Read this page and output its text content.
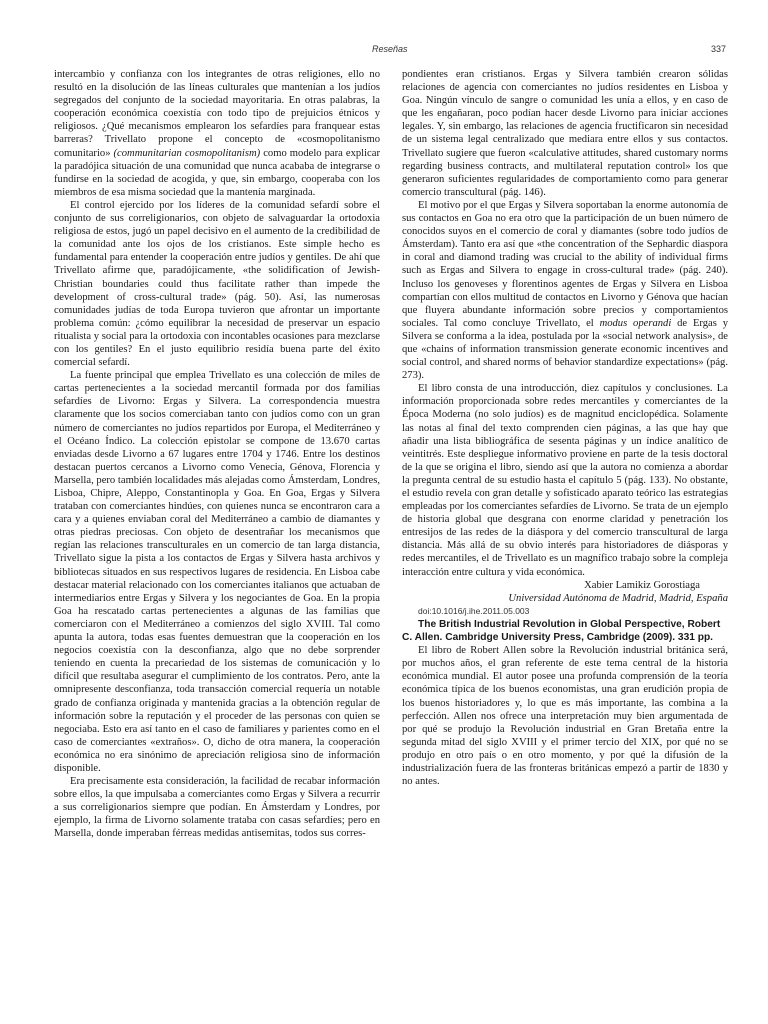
Reseñas	337

intercambio y confianza con los integrantes de otras religiones, ello no resultó en la disolución de las líneas culturales que mantenían a los judíos segregados del conjunto de la sociedad mayoritaria. En otras palabras, la cooperación económica coexistía con todo tipo de prejuicios étnicos y religiosos. ¿Qué mecanismos emplearon los sefardíes para franquear estas barreras? Trivellato propone el concepto de «cosmopolitanismo comunitario» (communitarian cosmopolitanism) como modelo para explicar la paradójica situación de una comunidad que nunca acababa de integrarse o fundirse en la sociedad de acogida, y que, sin embargo, cooperaba con los miembros de esa misma sociedad que la mantenía marginada.

El control ejercido por los líderes de la comunidad sefardí sobre el conjunto de sus correligionarios, con objeto de salvaguardar la ortodoxia religiosa de estos, jugó un papel decisivo en el aumento de la credibilidad de la comunidad ante los ojos de los cristianos. Este simple hecho es fundamental para entender la cooperación entre judíos y gentiles. De ahí que Trivellato afirme que, paradójicamente, «the solidification of Jewish-Christian boundaries could thus facilitate rather than impede the development of cross-cultural trade» (pág. 50). Así, las numerosas comunidades judías de toda Europa tuvieron que afrontar un importante problema común: ¿cómo equilibrar la necesidad de preservar un espacio ritualista y social para la ortodoxia con incontables ocasiones para mezclarse con los gentiles? En el justo equilibrio residía buena parte del éxito comercial sefardí.

La fuente principal que emplea Trivellato es una colección de miles de cartas pertenecientes a la sociedad mercantil formada por dos familias sefardíes de Livorno: Ergas y Silvera. La correspondencia muestra claramente que los socios comerciaban tanto con judíos como con un gran número de comerciantes no judíos repartidos por Europa, el Mediterráneo y el Océano Índico. La colección epistolar se compone de 13.670 cartas enviadas desde Livorno a 67 lugares entre 1704 y 1746. Entre los destinos destacan puertos cercanos a Livorno como Venecia, Génova, Florencia y Marsella, pero también localidades más alejadas como Ámsterdam, Londres, Lisboa, Chipre, Aleppo, Constantinopla y Goa. En Goa, Ergas y Silvera trataban con comerciantes hindúes, con quienes nunca se encontraron cara a cara y a quienes enviaban coral del Mediterráneo a cambio de diamantes y otras piedras preciosas. Con objeto de desentrañar los mecanismos que regían las relaciones transculturales en un comercio de tan larga distancia, Trivellato sigue la pista a los contactos de Ergas y Silvera hasta archivos y bibliotecas situados en sus respectivos lugares de residencia. En Lisboa cabe destacar material relacionado con los comerciantes italianos que actuaban de intermediarios entre Ergas y Silvera y los negociantes de Goa. En la propia Goa ha rescatado cartas pertenecientes a algunas de las familias que comerciaron con el Mediterráneo a comienzos del siglo XVIII. Tal como apunta la autora, todas esas fuentes demuestran que la cooperación en los negocios coexistía con la desconfianza, algo que no debe sorprender teniendo en cuenta la precariedad de los sistemas de comunicación y lo difícil que resultaba asegurar el cumplimiento de los contratos. Pero, ante la omnipresente desconfianza, toda transacción comercial requería un notable grado de confianza originada y mantenida gracias a la obtención regular de información sobre la reputación y el proceder de las personas con quien se negociaba. Esto era así tanto en el caso de familiares y parientes como en el caso de comerciantes «extraños». O, dicho de otra manera, la cooperación económica no era sinónimo de apreciación religiosa sino de información disponible.

Era precisamente esta consideración, la facilidad de recabar información sobre ellos, la que impulsaba a comerciantes como Ergas y Silvera a recurrir a sus correligionarios siempre que podían. En Ámsterdam y Londres, por ejemplo, la firma de Livorno solamente trataba con casas sefardíes; pero en Marsella, donde imperaban férreas medidas antisemitas, todos sus corres-

pondientes eran cristianos. Ergas y Silvera también crearon sólidas relaciones de agencia con comerciantes no judíos residentes en Lisboa y Goa. Ningún vínculo de sangre o comunidad les unía a ellos, y en caso de que les engañaran, poco podían hacer desde Livorno para iniciar acciones legales. Y, sin embargo, las relaciones de agencia fructificaron sin necesidad de un sistema legal centralizado que mediara entre ellos y sus contactos. Trivellato sugiere que fueron «calculative attitudes, shared customary norms regarding business contracts, and multilateral reputation control» los que generaron suficientes regularidades de comportamiento como para generar comercio transcultural (pág. 146).

El motivo por el que Ergas y Silvera soportaban la enorme autonomía de sus contactos en Goa no era otro que la participación de un buen número de conocidos suyos en el comercio de coral y diamantes (sobre todo judíos de Ámsterdam). Tanto era así que «the concentration of the Sephardic diaspora in coral and diamond trading was crucial to the ability of individual firms such as Ergas and Silvera to engage in cross-cultural trade» (pág. 240). Incluso los genoveses y florentinos agentes de Ergas y Silvera en Lisboa compartían con ellos multitud de contactos en Livorno y Génova que hacían que fluyera abundante información sobre precios y comportamientos sociales. Tal como concluye Trivellato, el modus operandi de Ergas y Silvera se conforma a la idea, postulada por la «social network analysis», de que «chains of information transmission generate economic incentives and social control, and shared norms of behavior standardize expectations» (pág. 273).

El libro consta de una introducción, diez capítulos y conclusiones. La información proporcionada sobre redes mercantiles y comerciantes de la Época Moderna (no solo judíos) es de magnitud enciclopédica. Solamente las notas al final del texto comprenden cien páginas, a las que hay que añadir una lista bibliográfica de sesenta páginas y un índice analítico de veintitrés. Este despliegue informativo proviene en parte de la tesis doctoral de la que se origina el libro, siendo así que la autora no comienza a abordar la pregunta central de su estudio hasta el capítulo 5 (pág. 133). No obstante, el estudio revela con gran detalle y sofisticado aparato teórico las estrategias empleadas por los comerciantes sefardíes de Livorno. Se trata de un ejemplo de historia global que desgrana con enorme claridad y penetración los entresijos de las redes de la diáspora y del comercio transcultural de larga distancia. Más allá de su obvio interés para historiadores de diásporas y redes mercantiles, el de Trivellato es un magnífico trabajo sobre la compleja interacción entre cultura y vida económica.

Xabier Lamikiz Gorostiaga

Universidad Autónoma de Madrid, Madrid, España

doi:10.1016/j.ihe.2011.05.003

The British Industrial Revolution in Global Perspective, Robert C. Allen. Cambridge University Press, Cambridge (2009). 331 pp.

El libro de Robert Allen sobre la Revolución industrial británica será, por muchos años, el gran referente de este tema central de la historia económica mundial. El autor posee una profunda comprensión de la teoría económica típica de los buenos economistas, una gran erudición propia de los buenos historiadores y, lo que es más importante, las combina a la perfección. Allen nos ofrece una interpretación muy bien argumentada de por qué se produjo la Revolución industrial en Gran Bretaña entre la segunda mitad del siglo XVIII y el primer tercio del XIX, por qué no se produjo en otro país o en otro momento, y por qué la difusión de la industrialización fuera de las fronteras británicas empezó a partir de 1830 y no antes.
